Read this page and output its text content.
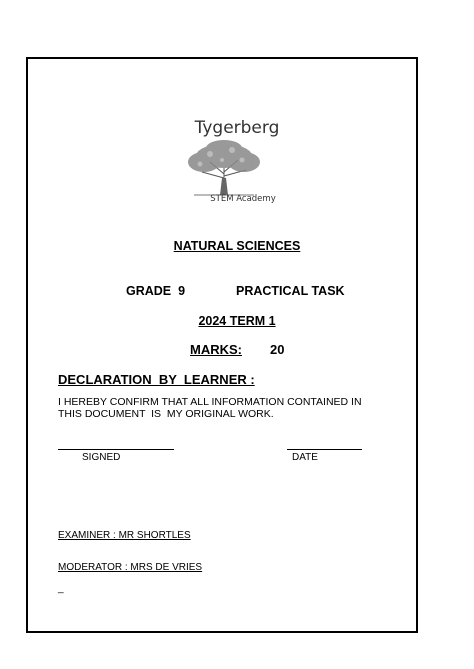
Tygerberg
STEM Academy
NATURAL SCIENCES
GRADE  9	PRACTICAL TASK
2024 TERM 1
MARKS: 20
DECLARATION  BY  LEARNER :
I HEREBY CONFIRM THAT ALL INFORMATION CONTAINED IN THIS DOCUMENT  IS  MY ORIGINAL WORK.
SIGNED	DATE
EXAMINER : MR SHORTLES
MODERATOR : MRS DE VRIES
_
